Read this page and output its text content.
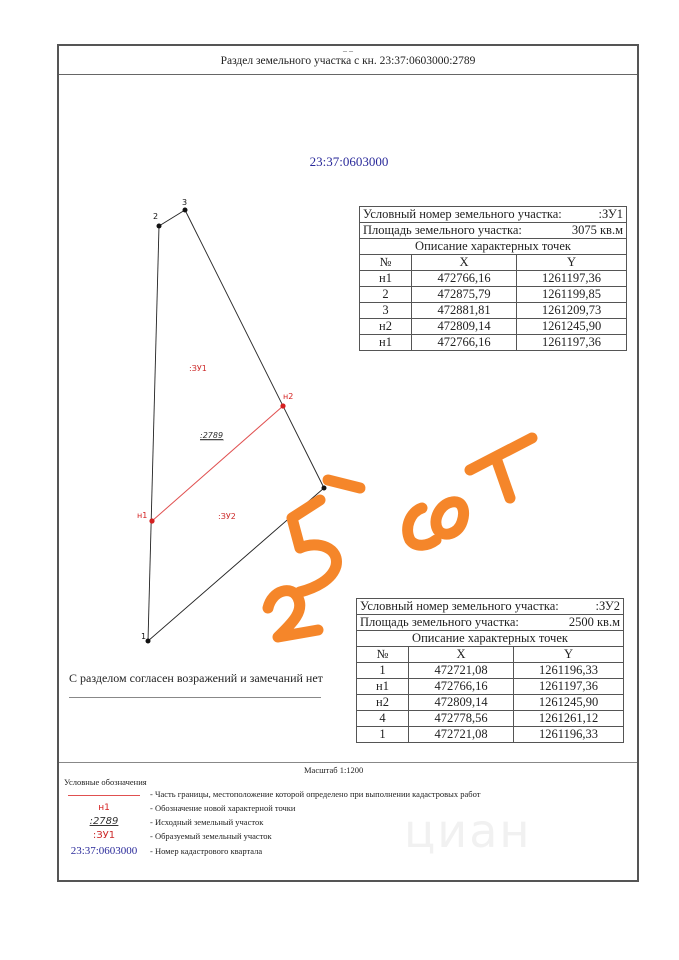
_ _
Раздел земельного участка с кн. 23:37:0603000:2789
23:37:0603000
1
2
3
4
н1
н2
:ЗУ1
:ЗУ2
:2789
Условный номер земельного участка: :ЗУ1		

Площадь земельного участка: 3075 кв.м		

Описание характерных точек		
№	X	Y
н1	472766,16	1261197,36
2	472875,79	1261199,85
3	472881,81	1261209,73
н2	472809,14	1261245,90
н1	472766,16	1261197,36
Условный номер земельного участка: :ЗУ2		

Площадь земельного участка: 2500 кв.м		

Описание характерных точек		
№	X	Y
1	472721,08	1261196,33
н1	472766,16	1261197,36
н2	472809,14	1261245,90
4	472778,56	1261261,12
1	472721,08	1261196,33
С разделом согласен возражений и замечаний нет
Масштаб 1:1200
Условные обозначения
- Часть границы, местоположение которой определено при выполнении кадастровых работ
н1	- Обозначение новой характерной точки
:2789	- Исходный земельный участок
:ЗУ1	- Образуемый земельный участок
23:37:0603000	- Номер кадастрового квартала	циан
